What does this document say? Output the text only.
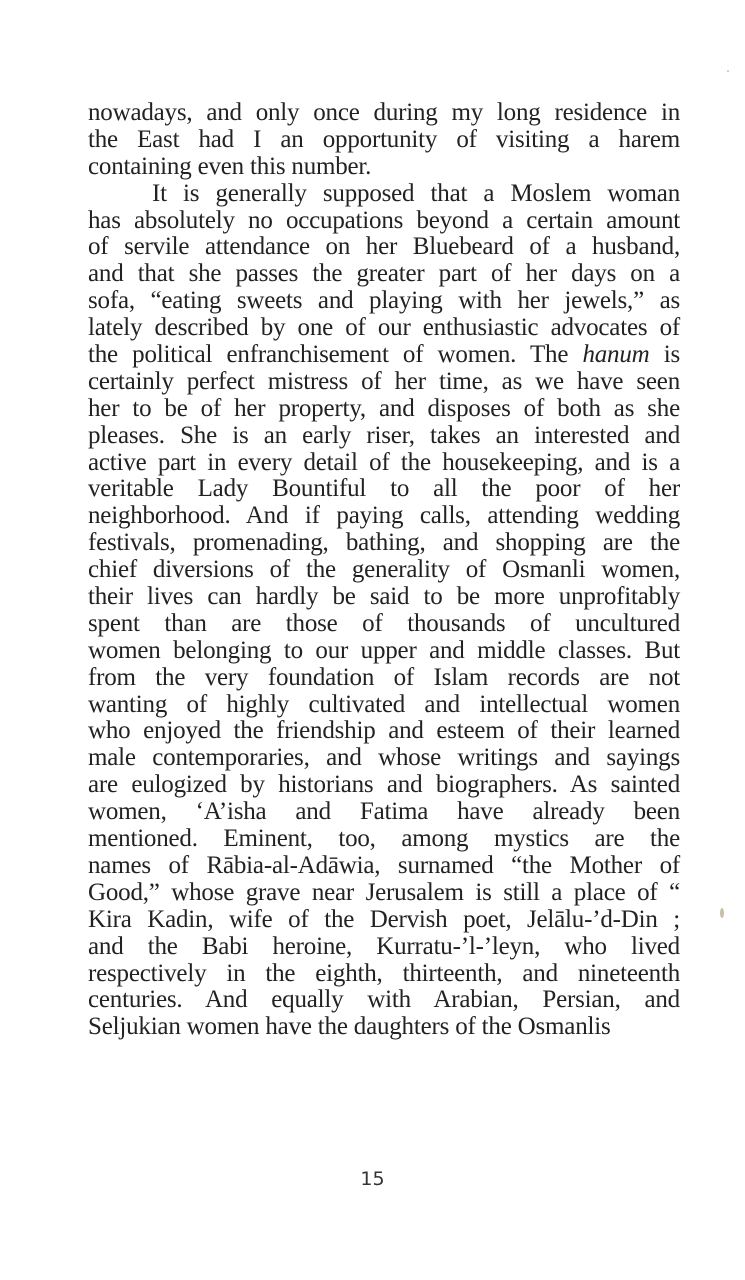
nowadays, and only once during my long residence in
the East had I an opportunity of visiting a harem
containing even this number.
It is generally supposed that a Moslem woman
has absolutely no occupations beyond a certain amount
of servile attendance on her Bluebeard of a husband,
and that she passes the greater part of her days on a
sofa, “eating sweets and playing with her jewels,” as
lately described by one of our enthusiastic advocates of
the political enfranchisement of women. The hanum is
certainly perfect mistress of her time, as we have seen
her to be of her property, and disposes of both as she
pleases. She is an early riser, takes an interested and
active part in every detail of the housekeeping, and is a
veritable Lady Bountiful to all the poor of her
neighborhood. And if paying calls, attending wedding
festivals, promenading, bathing, and shopping are the
chief diversions of the generality of Osmanli women,
their lives can hardly be said to be more unprofitably
spent than are those of thousands of uncultured
women belonging to our upper and middle classes. But
from the very foundation of Islam records are not
wanting of highly cultivated and intellectual women
who enjoyed the friendship and esteem of their learned
male contemporaries, and whose writings and sayings
are eulogized by historians and biographers. As sainted
women, ‘A’isha and Fatima have already been
mentioned. Eminent, too, among mystics are the
names of Rābia-al-Adāwia, surnamed “the Mother of
Good,” whose grave near Jerusalem is still a place of “
Kira Kadin, wife of the Dervish poet, Jelālu-’d-Din ;
and the Babi heroine, Kurratu-’l-’leyn, who lived
respectively in the eighth, thirteenth, and nineteenth
centuries. And equally with Arabian, Persian, and
Seljukian women have the daughters of the Osmanlis
15
